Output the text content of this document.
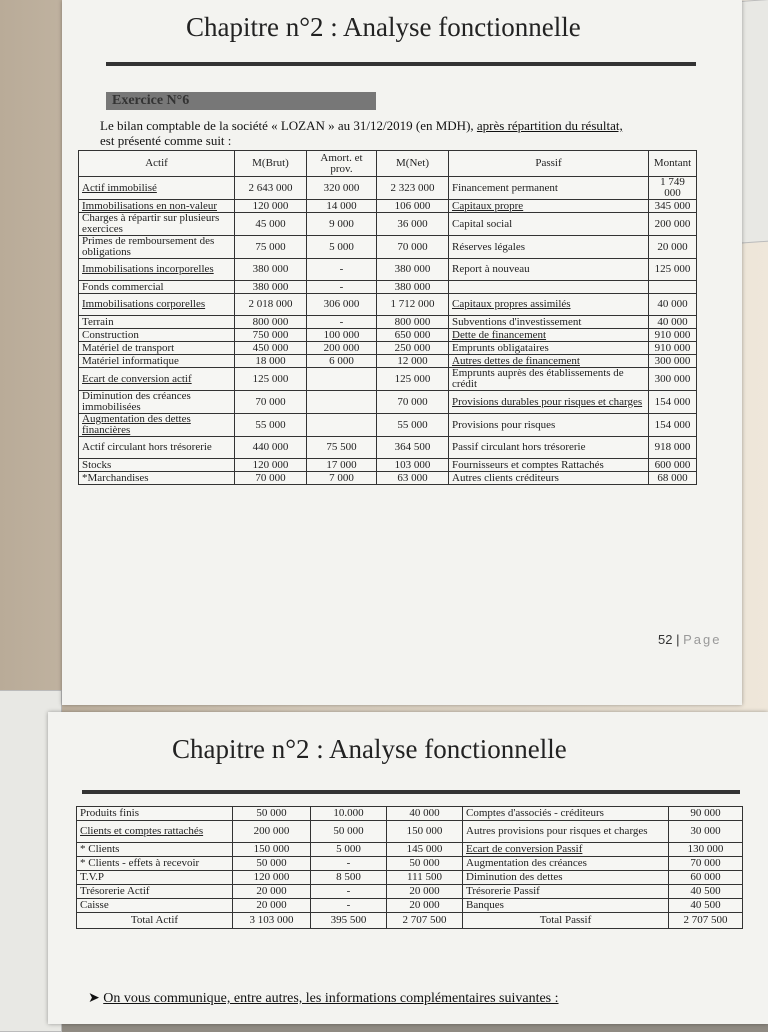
Chapitre n°2 : Analyse fonctionnelle
Exercice N°6
Le bilan comptable de la société « LOZAN » au 31/12/2019 (en MDH), après répartition du résultat,
est présenté comme suit :
Actif	M(Brut)	Amort. et prov.	M(Net)	Passif	Montant
Actif immobilisé	2 643 000	320 000	2 323 000	Financement permanent	1 749 000
Immobilisations en non-valeur	120 000	14 000	106 000	Capitaux propre	345 000
Charges à répartir sur plusieurs exercices	45 000	9 000	36 000	Capital social	200 000
Primes de remboursement des obligations	75 000	5 000	70 000	Réserves légales	20 000
Immobilisations incorporelles	380 000	-	380 000	Report à nouveau	125 000
Fonds commercial	380 000	-	380 000		
Immobilisations corporelles	2 018 000	306 000	1 712 000	Capitaux propres assimilés	40 000
Terrain	800 000	-	800 000	Subventions d'investissement	40 000
Construction	750 000	100 000	650 000	Dette de financement	910 000
Matériel de transport	450 000	200 000	250 000	Emprunts obligataires	910 000
Matériel informatique	18 000	6 000	12 000	Autres dettes de financement	300 000
Ecart de conversion actif	125 000		125 000	Emprunts auprès des établissements de crédit	300 000
Diminution des créances immobilisées	70 000		70 000	Provisions durables pour risques et charges	154 000
Augmentation des dettes financières	55 000		55 000	Provisions pour risques	154 000
Actif circulant hors trésorerie	440 000	75 500	364 500	Passif circulant hors trésorerie	918 000
Stocks	120 000	17 000	103 000	Fournisseurs et comptes Rattachés	600 000
*Marchandises	70 000	7 000	63 000	Autres clients créditeurs	68 000
52 | Page
Chapitre n°2 : Analyse fonctionnelle
Produits finis	50 000	10.000	40 000	Comptes d'associés - créditeurs	90 000
Clients et comptes rattachés	200 000	50 000	150 000	Autres provisions pour risques et charges	30 000
* Clients	150 000	5 000	145 000	Ecart de conversion Passif	130 000
* Clients - effets à recevoir	50 000	-	50 000	Augmentation des créances	70 000
T.V.P	120 000	8 500	111 500	Diminution des dettes	60 000
Trésorerie Actif	20 000	-	20 000	Trésorerie Passif	40 500
Caisse	20 000	-	20 000	Banques	40 500
Total Actif	3 103 000	395 500	2 707 500	Total Passif	2 707 500
➤ On vous communique, entre autres, les informations complémentaires suivantes :
